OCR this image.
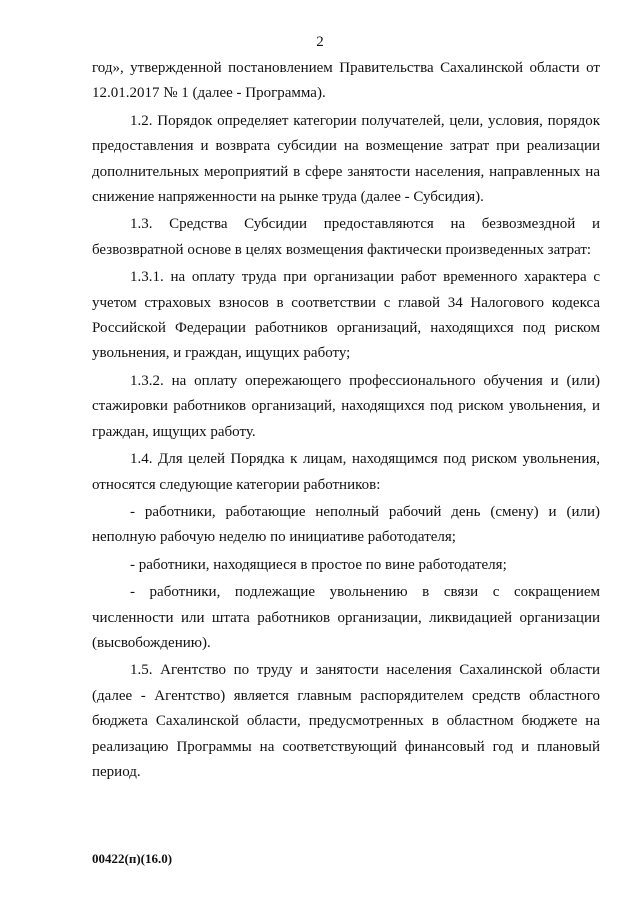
2

год», утвержденной постановлением Правительства Сахалинской области от 12.01.2017 № 1 (далее - Программа).

1.2. Порядок определяет категории получателей, цели, условия, порядок предоставления и возврата субсидии на возмещение затрат при реализации дополнительных мероприятий в сфере занятости населения, направленных на снижение напряженности на рынке труда (далее - Субсидия).

1.3. Средства Субсидии предоставляются на безвозмездной и безвозвратной основе в целях возмещения фактически произведенных затрат:

1.3.1. на оплату труда при организации работ временного характера с учетом страховых взносов в соответствии с главой 34 Налогового кодекса Российской Федерации работников организаций, находящихся под риском увольнения, и граждан, ищущих работу;

1.3.2. на оплату опережающего профессионального обучения и (или) стажировки работников организаций, находящихся под риском увольнения, и граждан, ищущих работу.

1.4. Для целей Порядка к лицам, находящимся под риском увольнения, относятся следующие категории работников:

- работники, работающие неполный рабочий день (смену) и (или) неполную рабочую неделю по инициативе работодателя;

- работники, находящиеся в простое по вине работодателя;

- работники, подлежащие увольнению в связи с сокращением численности или штата работников организации, ликвидацией организации (высвобождению).

1.5. Агентство по труду и занятости населения Сахалинской области (далее - Агентство) является главным распорядителем средств областного бюджета Сахалинской области, предусмотренных в областном бюджете на реализацию Программы на соответствующий финансовый год и плановый период.

00422(п)(16.0)
